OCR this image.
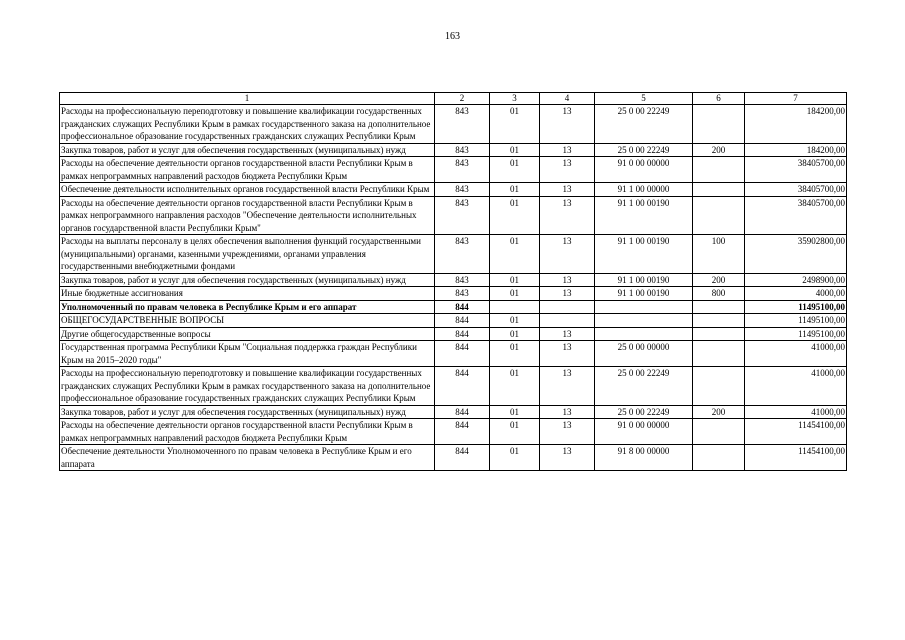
163
1	2	3	4	5	6	7
Расходы на профессиональную переподготовку и повышение квалификации государственных гражданских служащих Республики Крым в рамках государственного заказа на дополнительное профессиональное образование государственных гражданских служащих Республики Крым	843	01	13	25 0 00 22249		184200,00
Закупка товаров, работ и услуг для обеспечения государственных (муниципальных) нужд	843	01	13	25 0 00 22249	200	184200,00
Расходы на обеспечение деятельности органов государственной власти Республики Крым в рамках непрограммных направлений расходов бюджета Республики Крым	843	01	13	91 0 00 00000		38405700,00
Обеспечение деятельности исполнительных органов государственной власти Республики Крым	843	01	13	91 1 00 00000		38405700,00
Расходы на обеспечение деятельности органов государственной власти Республики Крым в рамках непрограммного направления расходов "Обеспечение деятельности исполнительных органов государственной власти Республики Крым"	843	01	13	91 1 00 00190		38405700,00
Расходы на выплаты персоналу в целях обеспечения выполнения функций государственными (муниципальными) органами, казенными учреждениями, органами управления государственными внебюджетными фондами	843	01	13	91 1 00 00190	100	35902800,00
Закупка товаров, работ и услуг для обеспечения государственных (муниципальных) нужд	843	01	13	91 1 00 00190	200	2498900,00
Иные бюджетные ассигнования	843	01	13	91 1 00 00190	800	4000,00
Уполномоченный по правам человека в Республике Крым и его аппарат	844					11495100,00
ОБЩЕГОСУДАРСТВЕННЫЕ ВОПРОСЫ	844	01				11495100,00
Другие общегосударственные вопросы	844	01	13			11495100,00
Государственная программа Республики Крым "Социальная поддержка граждан Республики Крым на 2015–2020 годы"	844	01	13	25 0 00 00000		41000,00
Расходы на профессиональную переподготовку и повышение квалификации государственных гражданских служащих Республики Крым в рамках государственного заказа на дополнительное профессиональное образование государственных гражданских служащих Республики Крым	844	01	13	25 0 00 22249		41000,00
Закупка товаров, работ и услуг для обеспечения государственных (муниципальных) нужд	844	01	13	25 0 00 22249	200	41000,00
Расходы на обеспечение деятельности органов государственной власти Республики Крым в рамках непрограммных направлений расходов бюджета Республики Крым	844	01	13	91 0 00 00000		11454100,00
Обеспечение деятельности Уполномоченного по правам человека в Республике Крым и его аппарата	844	01	13	91 8 00 00000		11454100,00
